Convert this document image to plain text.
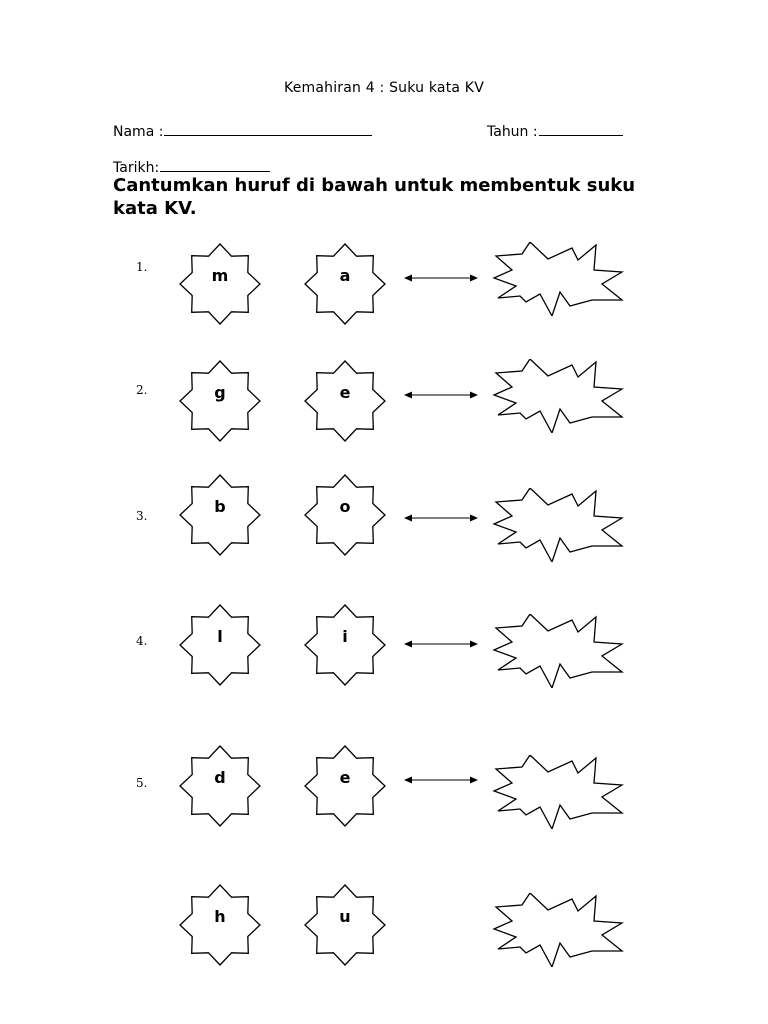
Kemahiran 4 : Suku kata KV
Nama :	Tahun :
Tarikh:
Cantumkan huruf di bawah untuk membentuk suku kata KV.
1.	m	a
2.	g	e
3.	b	o
4.	l	i
5.	d	e
h	u
